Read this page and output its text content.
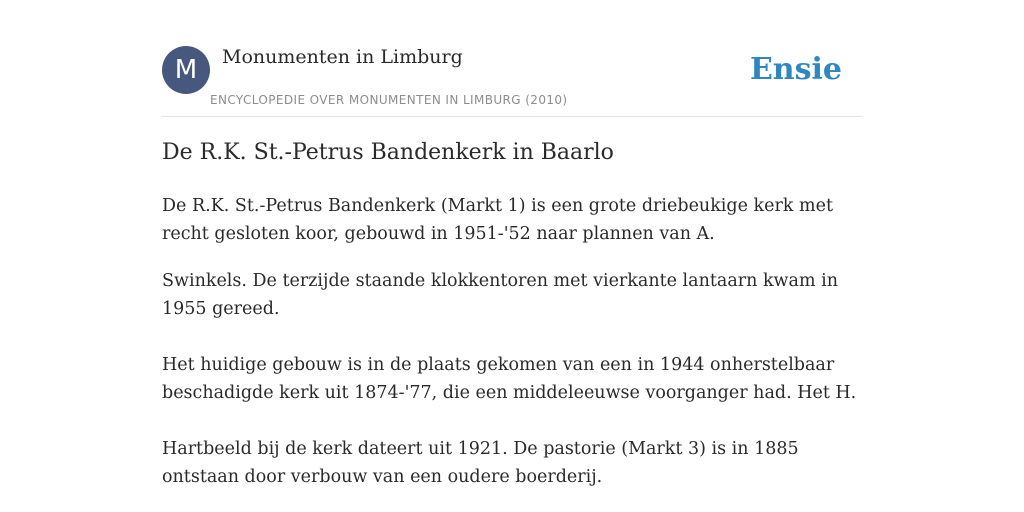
M	Monumenten in Limburg
ENCYCLOPEDIE OVER MONUMENTEN IN LIMBURG (2010)
Ensie
De R.K. St.-Petrus Bandenkerk in Baarlo

De R.K. St.-Petrus Bandenkerk (Markt 1) is een grote driebeukige kerk met recht gesloten koor, gebouwd in 1951-'52 naar plannen van A.

Swinkels. De terzijde staande klokkentoren met vierkante lantaarn kwam in 1955 gereed.

Het huidige gebouw is in de plaats gekomen van een in 1944 onherstelbaar beschadigde kerk uit 1874-'77, die een middeleeuwse voorganger had. Het H.

Hartbeeld bij de kerk dateert uit 1921. De pastorie (Markt 3) is in 1885 ontstaan door verbouw van een oudere boerderij.
